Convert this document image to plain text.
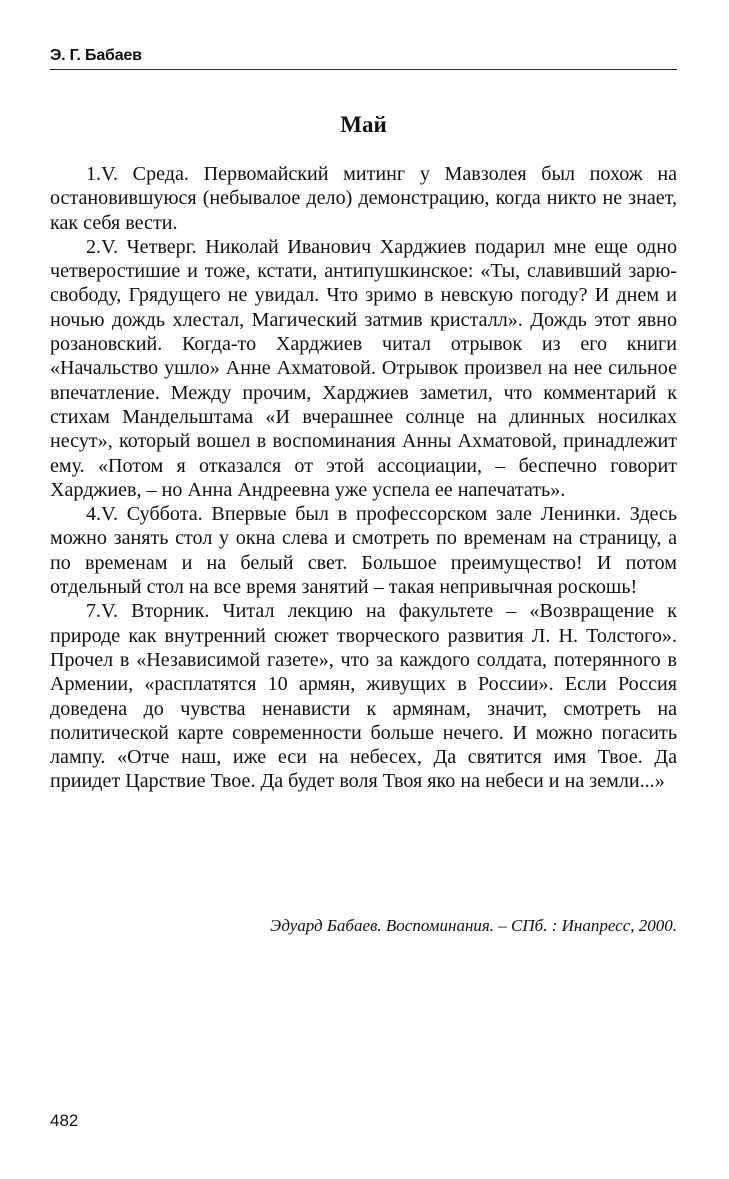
Э. Г. Бабаев
Май

1.V. Среда. Первомайский митинг у Мавзолея был похож на остановившуюся (небывалое дело) демонстрацию, когда никто не знает, как себя вести.

2.V. Четверг. Николай Иванович Харджиев подарил мне еще одно четверостишие и тоже, кстати, антипушкинское: «Ты, славивший зарю-свободу, Грядущего не увидал. Что зримо в невскую погоду? И днем и ночью дождь хлестал, Магический затмив кристалл». Дождь этот явно розановский. Когда-то Харджиев читал отрывок из его книги «Начальство ушло» Анне Ахматовой. Отрывок произвел на нее сильное впечатление. Между прочим, Харджиев заметил, что комментарий к стихам Мандельштама «И вчерашнее солнце на длинных носилках несут», который вошел в воспоминания Анны Ахматовой, принадлежит ему. «Потом я отказался от этой ассоциации, – беспечно говорит Харджиев, – но Анна Андреевна уже успела ее напечатать».

4.V. Суббота. Впервые был в профессорском зале Ленинки. Здесь можно занять стол у окна слева и смотреть по временам на страницу, а по временам и на белый свет. Большое преимущество! И потом отдельный стол на все время занятий – такая непривычная роскошь!

7.V. Вторник. Читал лекцию на факультете – «Возвращение к природе как внутренний сюжет творческого развития Л. Н. Толстого». Прочел в «Независимой газете», что за каждого солдата, потерянного в Армении, «расплатятся 10 армян, живущих в России». Если Россия доведена до чувства ненависти к армянам, значит, смотреть на политической карте современности больше нечего. И можно погасить лампу. «Отче наш, иже еси на небесех, Да святится имя Твое. Да приидет Царствие Твое. Да будет воля Твоя яко на небеси и на земли...»

Эдуард Бабаев. Воспоминания. – СПб. : Инапресс, 2000.
482
